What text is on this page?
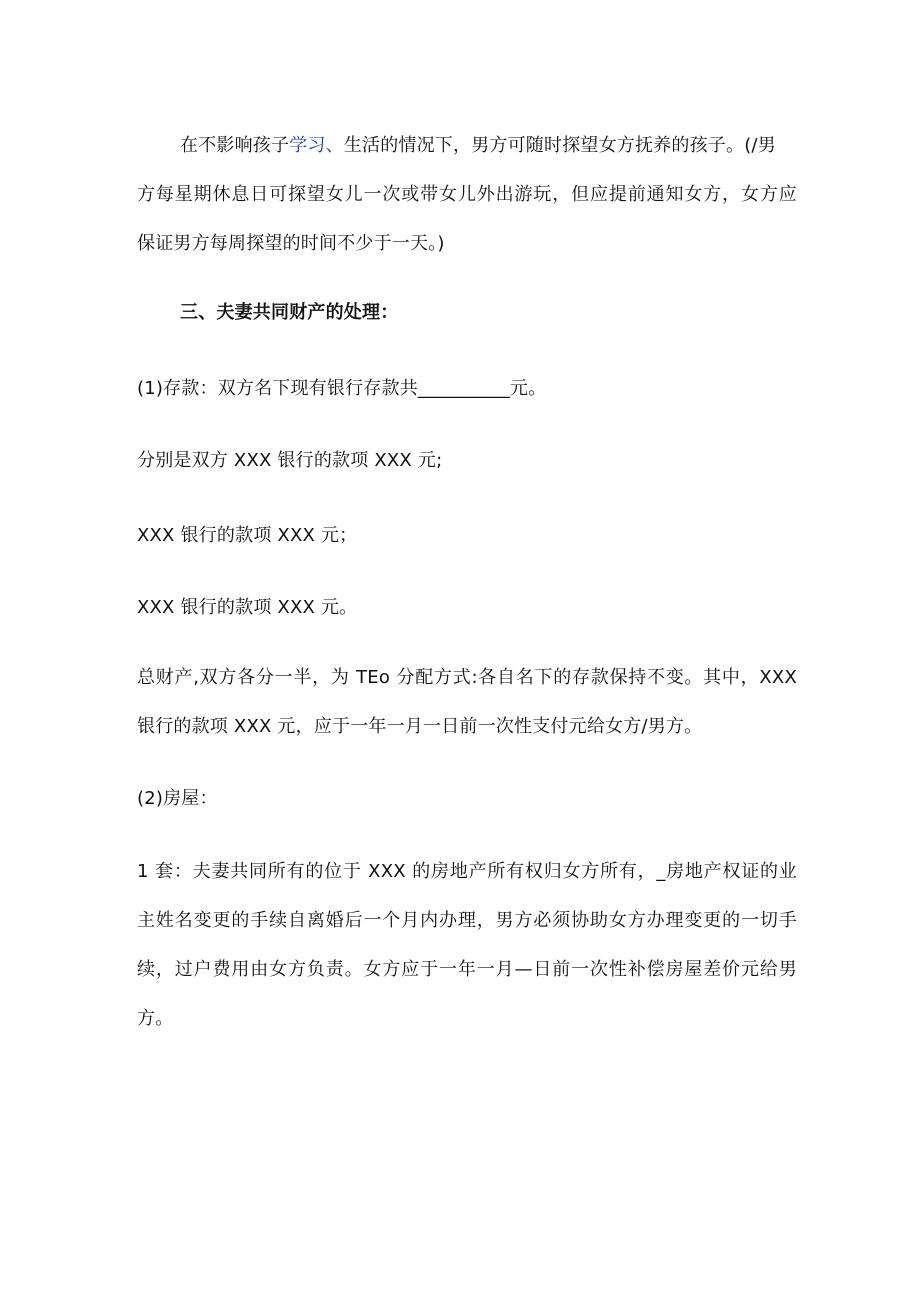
在不影响孩子学习、生活的情况下，男方可随时探望女方抚养的孩子。(/男
方每星期休息日可探望女儿一次或带女儿外出游玩，但应提前通知女方，女方应
保证男方每周探望的时间不少于一天。)
三、夫妻共同财产的处理：
(1)存款：双方名下现有银行存款共__________元。
分别是双方 XXX 银行的款项 XXX 元;
XXX 银行的款项 XXX 元；
XXX 银行的款项 XXX 元。
总财产,双方各分一半，为 TEo 分配方式:各自名下的存款保持不变。其中，XXX
银行的款项 XXX 元，应于一年一月一日前一次性支付元给女方/男方。
(2)房屋：
1 套：夫妻共同所有的位于 XXX 的房地产所有权归女方所有，_房地产权证的业
主姓名变更的手续自离婚后一个月内办理，男方必须协助女方办理变更的一切手
续，过户费用由女方负责。女方应于一年一月—日前一次性补偿房屋差价元给男
方。
